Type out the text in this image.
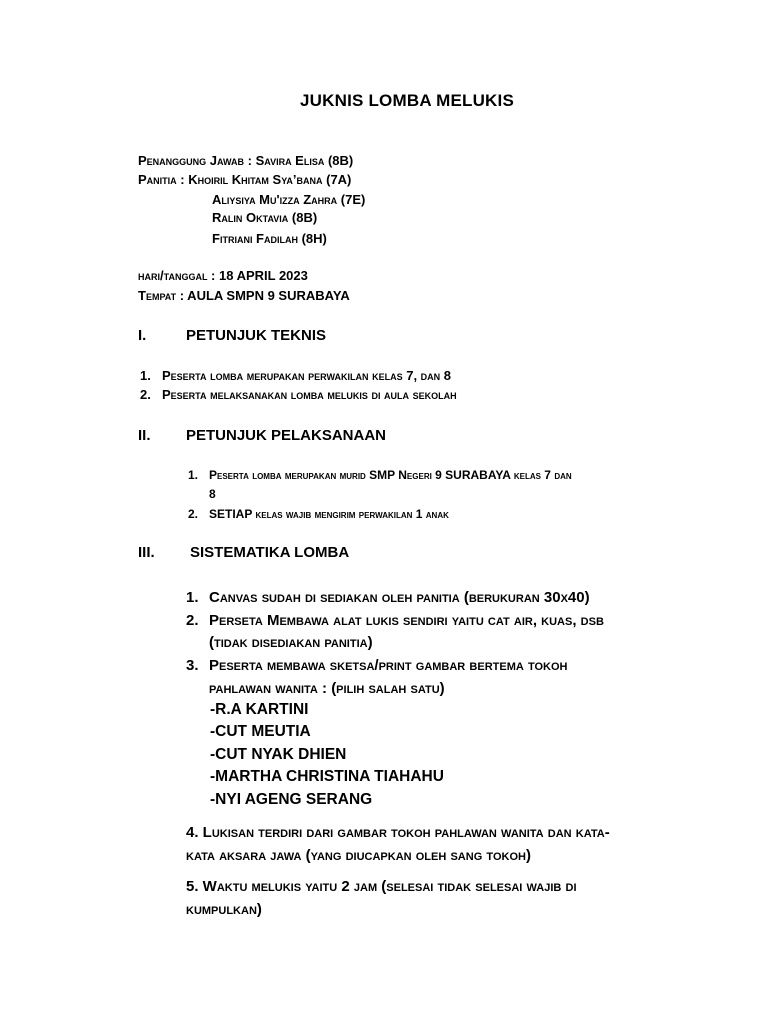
JUKNIS LOMBA MELUKIS
Penanggung Jawab : Savira Elisa (8B)
Panitia : Khoiril Khitam Sya’bana (7A)
Aliysiya Mu'izza Zahra (7E)
Ralin Oktavia (8B)
Fitriani Fadilah (8H)
hari/tanggal : 18 APRIL 2023
Tempat : AULA SMPN 9 SURABAYA
I.	PETUNJUK TEKNIS
1. Peserta lomba merupakan perwakilan kelas 7, dan 8
2. Peserta melaksanakan lomba melukis di aula sekolah
II. PETUNJUK PELAKSANAAN
1. Peserta lomba merupakan murid SMP Negeri 9 SURABAYA kelas 7 dan
8
2. SETIAP kelas wajib mengirim perwakilan 1 anak
III. SISTEMATIKA LOMBA
1. Canvas sudah di sediakan oleh panitia (berukuran 30x40)
2. Perseta Membawa alat lukis sendiri yaitu cat air, kuas, dsb
(tidak disediakan panitia)
3. Peserta membawa sketsa/print gambar bertema tokoh
pahlawan wanita : (pilih salah satu)
-R.A KARTINI
-CUT MEUTIA
-CUT NYAK DHIEN
-MARTHA CHRISTINA TIAHAHU
-NYI AGENG SERANG
4. Lukisan terdiri dari gambar tokoh pahlawan wanita dan kata-
kata aksara jawa (yang diucapkan oleh sang tokoh)
5. Waktu melukis yaitu 2 jam (selesai tidak selesai wajib di
kumpulkan)
